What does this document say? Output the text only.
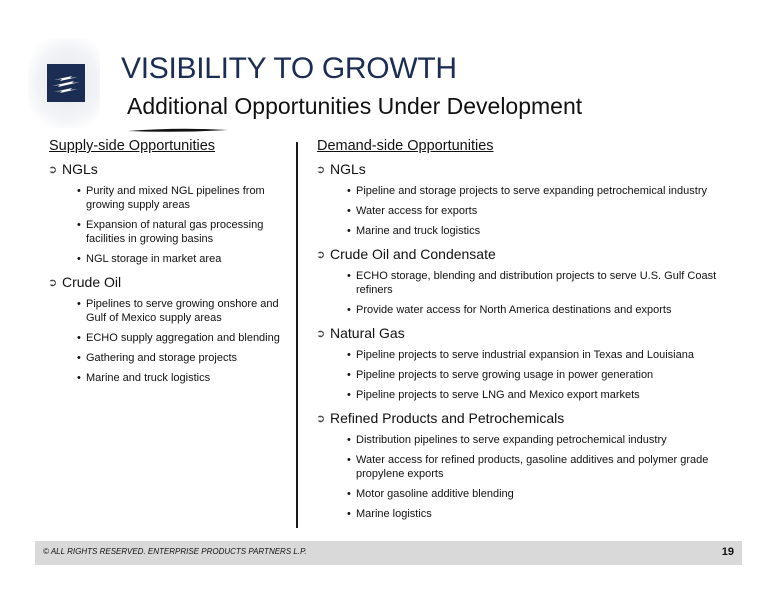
VISIBILITY TO GROWTH
Additional Opportunities Under Development
Supply-side Opportunities
➲ NGLs
• Purity and mixed NGL pipelines from growing supply areas
• Expansion of natural gas processing facilities in growing basins
• NGL storage in market area
➲ Crude Oil
• Pipelines to serve growing onshore and Gulf of Mexico supply areas
• ECHO supply aggregation and blending
• Gathering and storage projects
• Marine and truck logistics
Demand-side Opportunities
➲ NGLs
• Pipeline and storage projects to serve expanding petrochemical industry
• Water access for exports
• Marine and truck logistics
➲ Crude Oil and Condensate
• ECHO storage, blending and distribution projects to serve U.S. Gulf Coast refiners
• Provide water access for North America destinations and exports
➲ Natural Gas
• Pipeline projects to serve industrial expansion in Texas and Louisiana
• Pipeline projects to serve growing usage in power generation
• Pipeline projects to serve LNG and Mexico export markets
➲ Refined Products and Petrochemicals
• Distribution pipelines to serve expanding petrochemical industry
• Water access for refined products, gasoline additives and polymer grade propylene exports
• Motor gasoline additive blending
• Marine logistics
© ALL RIGHTS RESERVED. ENTERPRISE PRODUCTS PARTNERS L.P.	19
